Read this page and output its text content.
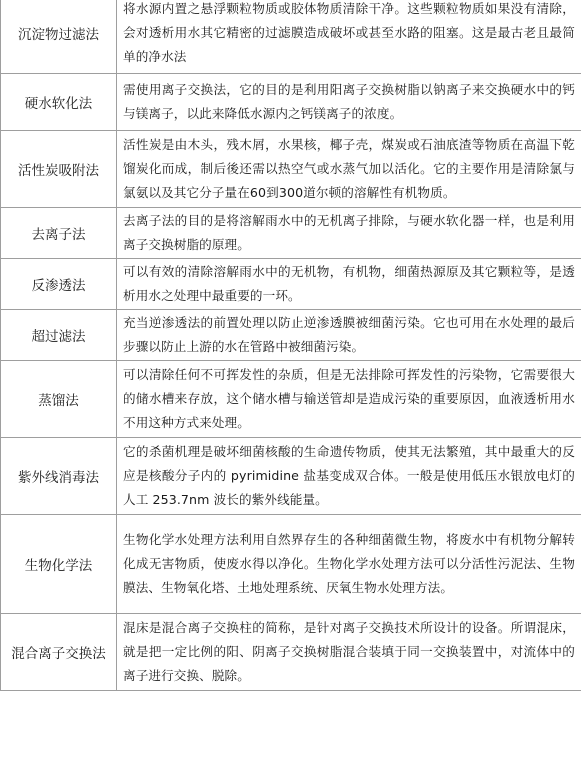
沉淀物过滤法	将水源内置之悬浮颗粒物质或胶体物质清除干净。这些颗粒物质如果没有清除，会对透析用水其它精密的过滤膜造成破坏或甚至水路的阻塞。这是最古老且最简单的净水法
硬水软化法	需使用离子交换法，它的目的是利用阳离子交换树脂以钠离子来交换硬水中的钙与镁离子，以此来降低水源内之钙镁离子的浓度。
活性炭吸附法	活性炭是由木头，残木屑，水果核，椰子壳，煤炭或石油底渣等物质在高温下乾馏炭化而成，制后後还需以热空气或水蒸气加以活化。它的主要作用是清除氯与氯氨以及其它分子量在60到300道尔顿的溶解性有机物质。
去离子法	去离子法的目的是将溶解雨水中的无机离子排除，与硬水软化器一样，也是利用离子交换树脂的原理。
反渗透法	可以有效的清除溶解雨水中的无机物，有机物，细菌热源原及其它颗粒等，是透析用水之处理中最重要的一环。
超过滤法	充当逆渗透法的前置处理以防止逆渗透膜被细菌污染。它也可用在水处理的最后步骤以防止上游的水在管路中被细菌污染。
蒸馏法	可以清除任何不可挥发性的杂质，但是无法排除可挥发性的污染物，它需要很大的储水槽来存放，这个储水槽与输送管却是造成污染的重要原因，血液透析用水不用这种方式来处理。
紫外线消毒法	它的杀菌机理是破坏细菌核酸的生命遗传物质，使其无法繁殖，其中最重大的反应是核酸分子内的 pyrimidine 盐基变成双合体。一般是使用低压水银放电灯的人工 253.7nm 波长的紫外线能量。
生物化学法	生物化学水处理方法利用自然界存生的各种细菌微生物，将废水中有机物分解转化成无害物质，使废水得以净化。生物化学水处理方法可以分活性污泥法、生物膜法、生物氧化塔、土地处理系统、厌氧生物水处理方法。
混合离子交换法	混床是混合离子交换柱的简称，是针对离子交换技术所设计的设备。所谓混床，就是把一定比例的阳、阴离子交换树脂混合装填于同一交换装置中，对流体中的离子进行交换、脱除。
